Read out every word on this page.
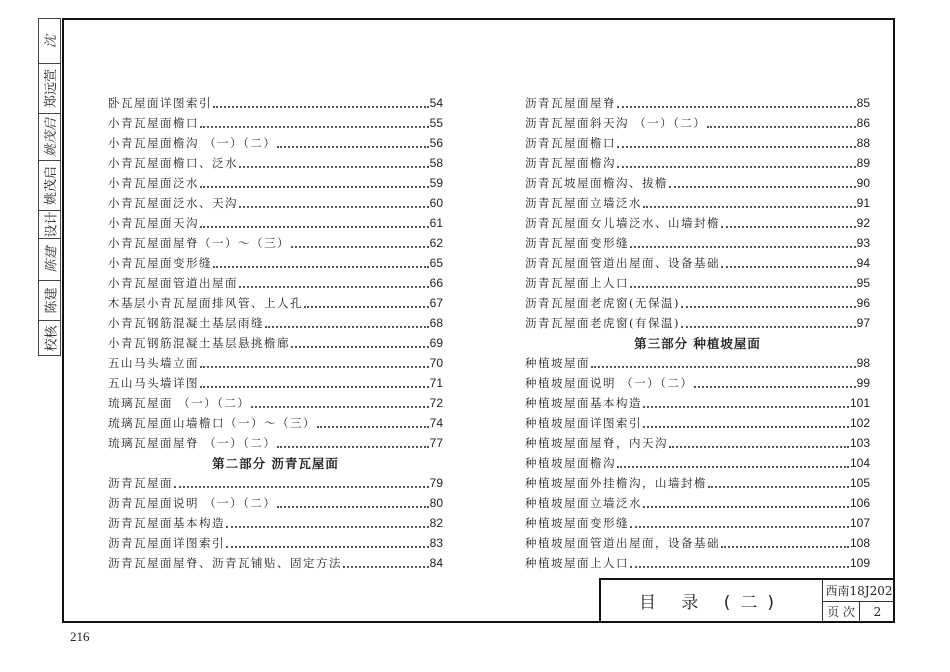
沈
郑远萱
姚茂启
姚茂启
设计
陈建
陈建
校核
卧瓦屋面详图索引	54
小青瓦屋面檐口	55
小青瓦屋面檐沟 （一）（二）	56
小青瓦屋面檐口、泛水	58
小青瓦屋面泛水	59
小青瓦屋面泛水、天沟	60
小青瓦屋面天沟	61
小青瓦屋面屋脊（一）～（三）	62
小青瓦屋面变形缝	65
小青瓦屋面管道出屋面	66
木基层小青瓦屋面排风管、上人孔	67
小青瓦钢筋混凝土基层雨缝	68
小青瓦钢筋混凝土基层悬挑檐廊	69
五山马头墙立面	70
五山马头墙详图	71
琉璃瓦屋面 （一）（二）	72
琉璃瓦屋面山墙檐口（一）～（三）	74
琉璃瓦屋面屋脊 （一）（二）	77
第二部分 沥青瓦屋面
沥青瓦屋面	79
沥青瓦屋面说明 （一）（二）	80
沥青瓦屋面基本构造	82
沥青瓦屋面详图索引	83
沥青瓦屋面屋脊、沥青瓦铺贴、固定方法	84
沥青瓦屋面屋脊	85
沥青瓦屋面斜天沟 （一）（二）	86
沥青瓦屋面檐口	88
沥青瓦屋面檐沟	89
沥青瓦坡屋面檐沟、拔檐	90
沥青瓦屋面立墙泛水	91
沥青瓦屋面女儿墙泛水、山墙封檐	92
沥青瓦屋面变形缝	93
沥青瓦屋面管道出屋面、设备基础	94
沥青瓦屋面上人口	95
沥青瓦屋面老虎窗(无保温)	96
沥青瓦屋面老虎窗(有保温)	97
第三部分 种植坡屋面
种植坡屋面	98
种植坡屋面说明 （一）（二）	99
种植坡屋面基本构造	101
种植坡屋面详图索引	102
种植坡屋面屋脊，内天沟	103
种植坡屋面檐沟	104
种植坡屋面外挂檐沟，山墙封檐	105
种植坡屋面立墙泛水	106
种植坡屋面变形缝	107
种植坡屋面管道出屋面，设备基础	108
种植坡屋面上人口	109
目 录 (二)
西南18J202
页 次	2
216
